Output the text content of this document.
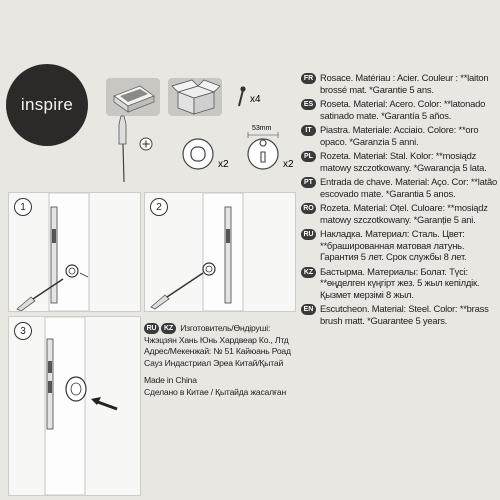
inspire	x4
x2	x2
53mm
1	2
3	RU KZ Изготовитель/Өндіруші:
Чжэцзян Хань Юнь Хардвеар Ко., Лтд
Адрес/Мекенжай: № 51 Кайюань Роад Сауз Индастриал Эреа Китай/Қытай
Made in China
Сделано в Китае / Қытайда жасалған
FR Rosace. Matériau : Acier. Couleur : **laiton brossé mat. *Garantie 5 ans.
ES Roseta. Material: Acero. Color: **latonado satinado mate. *Garantía 5 años.
IT Piastra. Materiale: Acciaio. Colore: **oro opaco. *Garanzia 5 anni.
PL Rozeta. Materiał: Stal. Kolor: **mosiądz matowy szczotkowany. *Gwarancja 5 lata.
PT Entrada de chave. Material: Aço. Cor: **latão escovado mate. *Garantia 5 anos.
RO Rozeta. Material: Oțel. Culoare: **mosiądz matowy szczotkowany. *Garanție 5 ani.
RU Накладка. Материал: Сталь. Цвет: **брашированная матовая латунь. Гарантия 5 лет. Срок службы 8 лет.
KZ Бастырма. Материалы: Болат. Түсі: **өңделген күңгірт жез. 5 жыл кепілдік. Қызмет мерзімі 8 жыл.
EN Escutcheon. Material: Steel. Color: **brass brush matt. *Guarantee 5 years.
